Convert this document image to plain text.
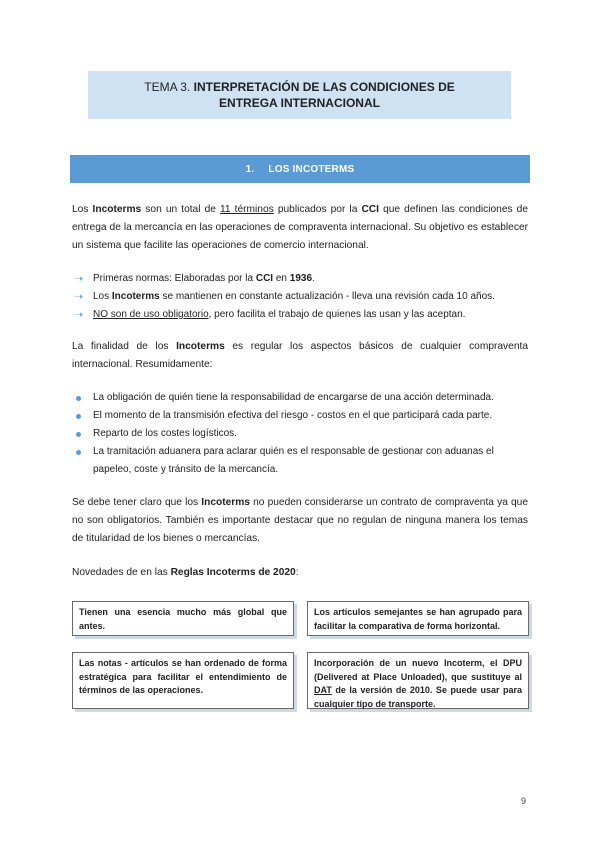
TEMA 3. INTERPRETACIÓN DE LAS CONDICIONES DE
ENTREGA INTERNACIONAL
1. LOS INCOTERMS

Los Incoterms son un total de 11 términos publicados por la CCI que definen las condiciones de entrega de la mercancía en las operaciones de compraventa internacional. Su objetivo es establecer un sistema que facilite las operaciones de comercio internacional.

➝ Primeras normas: Elaboradas por la CCI en 1936.
➝ Los Incoterms se mantienen en constante actualización - lleva una revisión cada 10 años.
➝ NO son de uso obligatorio, pero facilita el trabajo de quienes las usan y las aceptan.

La finalidad de los Incoterms es regular los aspectos básicos de cualquier compraventa internacional. Resumidamente:

La obligación de quién tiene la responsabilidad de encargarse de una acción determinada.
El momento de la transmisión efectiva del riesgo - costos en el que participará cada parte.
Reparto de los costes logísticos.
La tramitación aduanera para aclarar quién es el responsable de gestionar con aduanas el papeleo, coste y tránsito de la mercancía.

Se debe tener claro que los Incoterms no pueden considerarse un contrato de compraventa ya que no son obligatorios. También es importante destacar que no regulan de ninguna manera los temas de titularidad de los bienes o mercancías.

Novedades de en las Reglas Incoterms de 2020:

Tienen una esencia mucho más global que antes.
Los artículos semejantes se han agrupado para facilitar la comparativa de forma horizontal.
Las notas - artículos se han ordenado de forma estratégica para facilitar el entendimiento de términos de las operaciones.
Incorporación de un nuevo Incoterm, el DPU (Delivered at Place Unloaded), que sustituye al DAT de la versión de 2010. Se puede usar para cualquier tipo de transporte.
9
